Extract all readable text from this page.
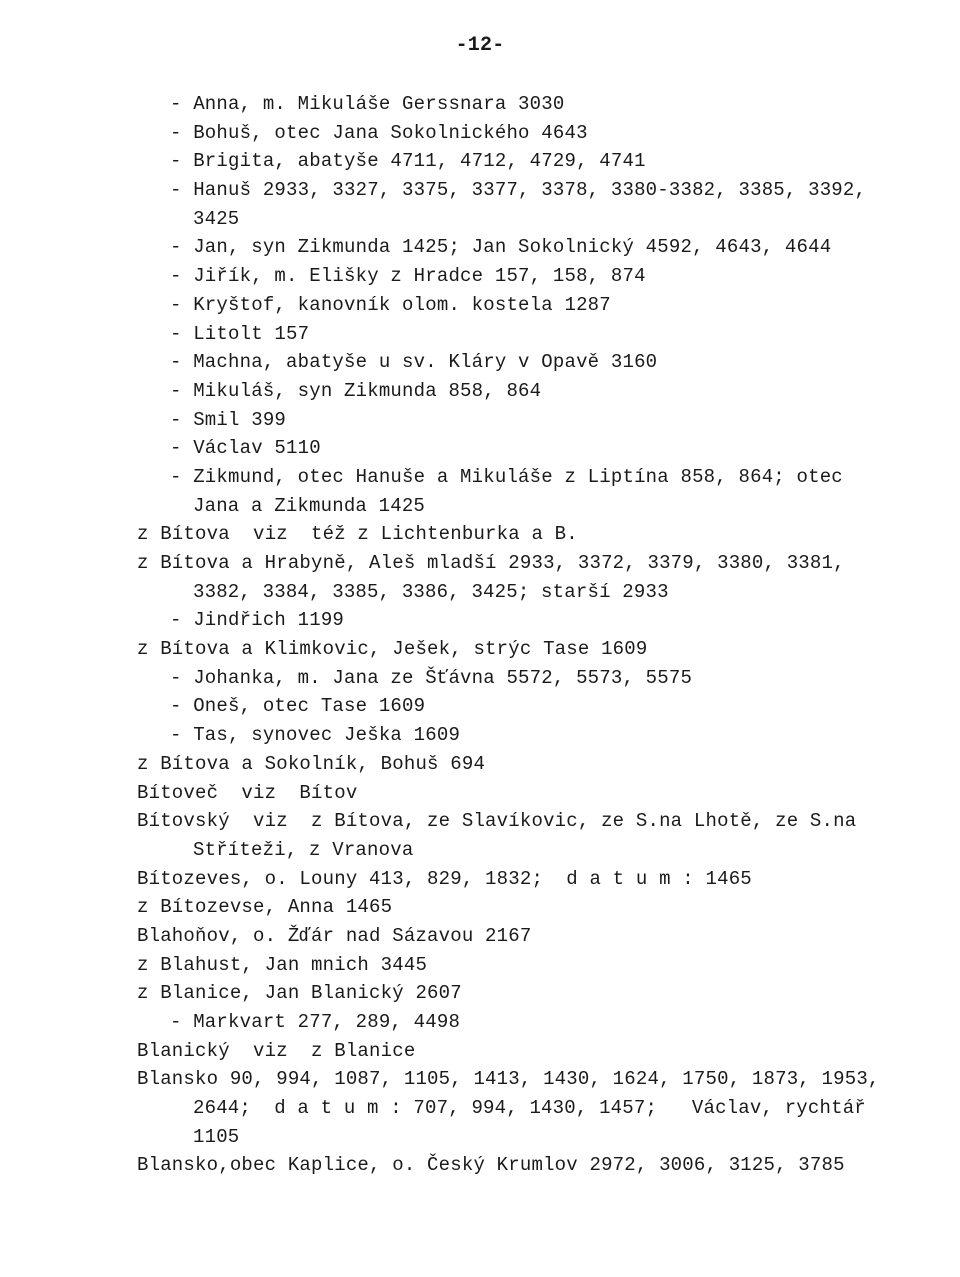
-12-
- Anna, m. Mikuláše Gerssnara 3030
- Bohuš, otec Jana Sokolnického 4643
- Brigita, abatyše 4711, 4712, 4729, 4741
- Hanuš 2933, 3327, 3375, 3377, 3378, 3380-3382, 3385, 3392,
3425
- Jan, syn Zikmunda 1425; Jan Sokolnický 4592, 4643, 4644
- Jiřík, m. Elišky z Hradce 157, 158, 874
- Kryštof, kanovník olom. kostela 1287
- Litolt 157
- Machna, abatyše u sv. Kláry v Opavě 3160
- Mikuláš, syn Zikmunda 858, 864
- Smil 399
- Václav 5110
- Zikmund, otec Hanuše a Mikuláše z Liptína 858, 864; otec
Jana a Zikmunda 1425
z Bítova  viz  též z Lichtenburka a B.
z Bítova a Hrabyně, Aleš mladší 2933, 3372, 3379, 3380, 3381,
3382, 3384, 3385, 3386, 3425; starší 2933
- Jindřich 1199
z Bítova a Klimkovic, Ješek, strýc Tase 1609
- Johanka, m. Jana ze Šťávna 5572, 5573, 5575
- Oneš, otec Tase 1609
- Tas, synovec Ješka 1609
z Bítova a Sokolník, Bohuš 694
Bítoveč  viz  Bítov
Bítovský  viz  z Bítova, ze Slavíkovic, ze S.na Lhotě, ze S.na
Stříteži, z Vranova
Bítozeves, o. Louny 413, 829, 1832;  d a t u m : 1465
z Bítozevse, Anna 1465
Blahoňov, o. Žďár nad Sázavou 2167
z Blahust, Jan mnich 3445
z Blanice, Jan Blanický 2607
- Markvart 277, 289, 4498
Blanický  viz  z Blanice
Blansko 90, 994, 1087, 1105, 1413, 1430, 1624, 1750, 1873, 1953,
2644;  d a t u m : 707, 994, 1430, 1457;   Václav, rychtář
1105
Blansko,obec Kaplice, o. Český Krumlov 2972, 3006, 3125, 3785
